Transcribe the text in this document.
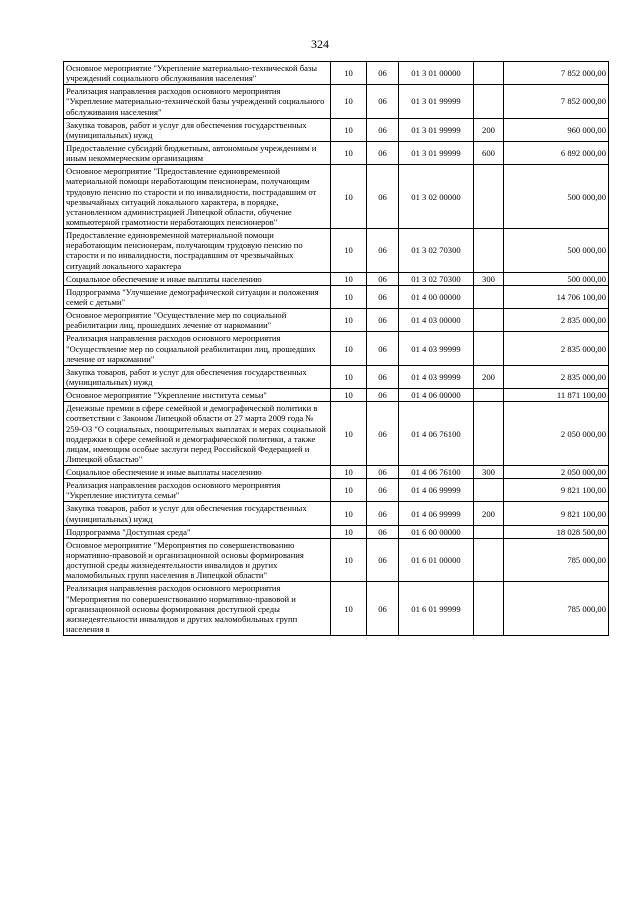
324
Основное мероприятие "Укрепление материально-технической базы учреждений социального обслуживания населения"	10	06	01 3 01 00000		7 852 000,00
Реализация направления расходов основного мероприятия "Укрепление материально-технической базы учреждений социального обслуживания населения"	10	06	01 3 01 99999		7 852 000,00
Закупка товаров, работ и услуг для обеспечения государственных (муниципальных) нужд	10	06	01 3 01 99999	200	960 000,00
Предоставление субсидий бюджетным, автономным учреждениям и иным некоммерческим организациям	10	06	01 3 01 99999	600	6 892 000,00
Основное мероприятие "Предоставление единовременной материальной помощи неработающим пенсионерам, получающим трудовую пенсию по старости и по инвалидности, пострадавшим от чрезвычайных ситуаций локального характера, в порядке, установленном администрацией Липецкой области, обучение компьютерной грамотности неработающих пенсионеров"	10	06	01 3 02 00000		500 000,00
Предоставление единовременной материальной помощи неработающим пенсионерам, получающим трудовую пенсию по старости и по инвалидности, пострадавшим от чрезвычайных ситуаций локального характера	10	06	01 3 02 70300		500 000,00
Социальное обеспечение и иные выплаты населению	10	06	01 3 02 70300	300	500 000,00
Подпрограмма "Улучшение демографической ситуации и положения семей с детьми"	10	06	01 4 00 00000		14 706 100,00
Основное мероприятие "Осуществление мер по социальной реабилитации лиц, прошедших лечение от наркомании"	10	06	01 4 03 00000		2 835 000,00
Реализация направления расходов основного мероприятия "Осуществление мер по социальной реабилитации лиц, прошедших лечение от наркомании"	10	06	01 4 03 99999		2 835 000,00
Закупка товаров, работ и услуг для обеспечения государственных (муниципальных) нужд	10	06	01 4 03 99999	200	2 835 000,00
Основное мероприятие "Укрепление института семьи"	10	06	01 4 06 00000		11 871 100,00
Денежные премии в сфере семейной и демографической политики в соответствии с Законом Липецкой области от 27 марта 2009 года № 259-ОЗ "О социальных, поощрительных выплатах и мерах социальной поддержки в сфере семейной и демографической политики, а также лицам, имеющим особые заслуги перед Российской Федерацией и Липецкой областью"	10	06	01 4 06 76100		2 050 000,00
Социальное обеспечение и иные выплаты населению	10	06	01 4 06 76100	300	2 050 000,00
Реализация направления расходов основного мероприятия "Укрепление института семьи"	10	06	01 4 06 99999		9 821 100,00
Закупка товаров, работ и услуг для обеспечения государственных (муниципальных) нужд	10	06	01 4 06 99999	200	9 821 100,00
Подпрограмма "Доступная среда"	10	06	01 6 00 00000		18 028 500,00
Основное мероприятие "Мероприятия по совершенствованию нормативно-правовой и организационной основы формирования доступной среды жизнедеятельности инвалидов и других маломобильных групп населения в Липецкой области"	10	06	01 6 01 00000		785 000,00
Реализация направления расходов основного мероприятия "Мероприятия по совершенствованию нормативно-правовой и организационной основы формирования доступной среды жизнедеятельности инвалидов и других маломобильных групп населения в	10	06	01 6 01 99999		785 000,00
